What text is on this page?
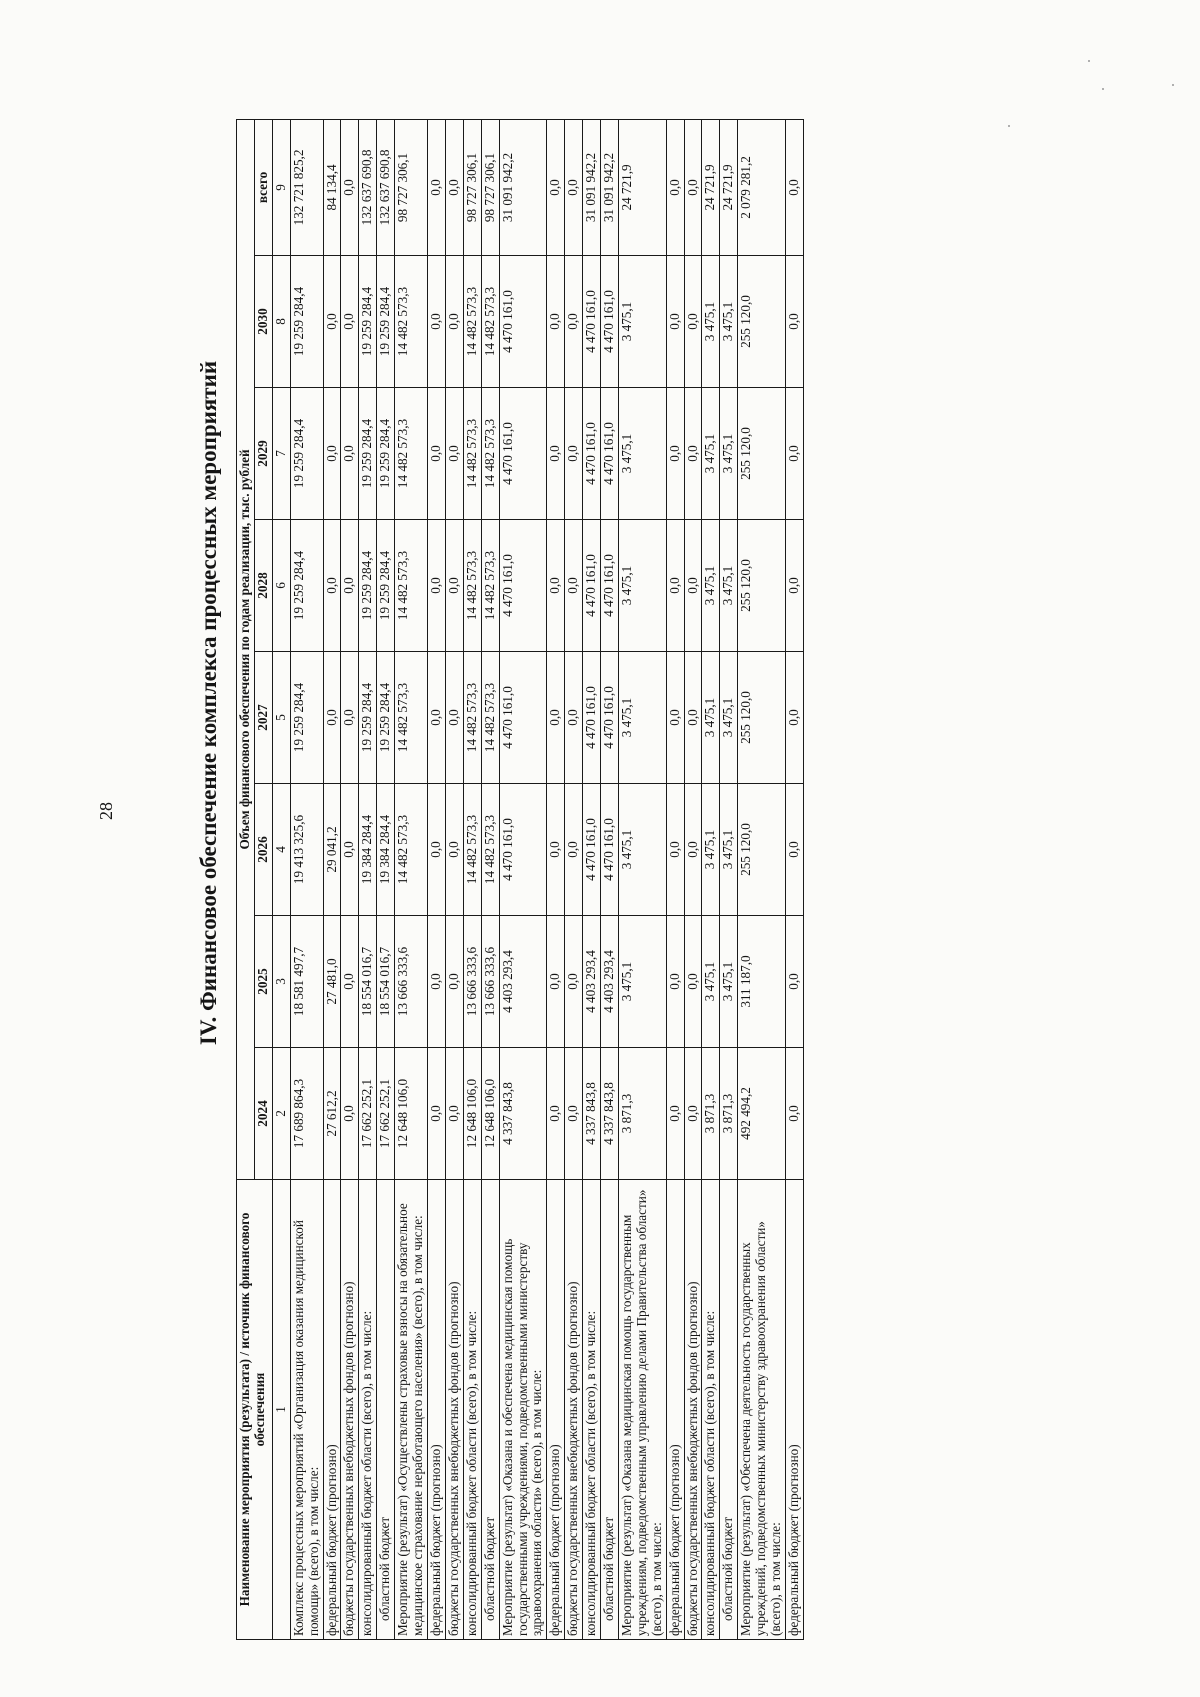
28	IV. Финансовое обеспечение комплекса процессных мероприятий
Наименование мероприятия (результата) / источник финансового обеспечения	Объем финансового обеспечения по годам реализации, тыс. рублей							
	2024	2025	2026	2027	2028	2029	2030	всего
1	2	3	4	5	6	7	8	9
Комплекс процессных мероприятий «Организация оказания медицинской помощи» (всего), в том числе:	17 689 864,3	18 581 497,7	19 413 325,6	19 259 284,4	19 259 284,4	19 259 284,4	19 259 284,4	132 721 825,2
федеральный бюджет (прогнозно)	27 612,2	27 481,0	29 041,2	0,0	0,0	0,0	0,0	84 134,4
бюджеты государственных внебюджетных фондов (прогнозно)	0,0	0,0	0,0	0,0	0,0	0,0	0,0	0,0
консолидированный бюджет области (всего), в том числе:	17 662 252,1	18 554 016,7	19 384 284,4	19 259 284,4	19 259 284,4	19 259 284,4	19 259 284,4	132 637 690,8
областной бюджет	17 662 252,1	18 554 016,7	19 384 284,4	19 259 284,4	19 259 284,4	19 259 284,4	19 259 284,4	132 637 690,8
Мероприятие (результат) «Осуществлены страховые взносы на обязательное медицинское страхование неработающего населения» (всего), в том числе:	12 648 106,0	13 666 333,6	14 482 573,3	14 482 573,3	14 482 573,3	14 482 573,3	14 482 573,3	98 727 306,1
федеральный бюджет (прогнозно)	0,0	0,0	0,0	0,0	0,0	0,0	0,0	0,0
бюджеты государственных внебюджетных фондов (прогнозно)	0,0	0,0	0,0	0,0	0,0	0,0	0,0	0,0
консолидированный бюджет области (всего), в том числе:	12 648 106,0	13 666 333,6	14 482 573,3	14 482 573,3	14 482 573,3	14 482 573,3	14 482 573,3	98 727 306,1
областной бюджет	12 648 106,0	13 666 333,6	14 482 573,3	14 482 573,3	14 482 573,3	14 482 573,3	14 482 573,3	98 727 306,1
Мероприятие (результат) «Оказана и обеспечена медицинская помощь государственными учреждениями, подведомственными министерству здравоохранения области» (всего), в том числе:	4 337 843,8	4 403 293,4	4 470 161,0	4 470 161,0	4 470 161,0	4 470 161,0	4 470 161,0	31 091 942,2
федеральный бюджет (прогнозно)	0,0	0,0	0,0	0,0	0,0	0,0	0,0	0,0
бюджеты государственных внебюджетных фондов (прогнозно)	0,0	0,0	0,0	0,0	0,0	0,0	0,0	0,0
консолидированный бюджет области (всего), в том числе:	4 337 843,8	4 403 293,4	4 470 161,0	4 470 161,0	4 470 161,0	4 470 161,0	4 470 161,0	31 091 942,2
областной бюджет	4 337 843,8	4 403 293,4	4 470 161,0	4 470 161,0	4 470 161,0	4 470 161,0	4 470 161,0	31 091 942,2
Мероприятие (результат) «Оказана медицинская помощь государственным учреждениям, подведомственным управлению делами Правительства области» (всего), в том числе:	3 871,3	3 475,1	3 475,1	3 475,1	3 475,1	3 475,1	3 475,1	24 721,9
федеральный бюджет (прогнозно)	0,0	0,0	0,0	0,0	0,0	0,0	0,0	0,0
бюджеты государственных внебюджетных фондов (прогнозно)	0,0	0,0	0,0	0,0	0,0	0,0	0,0	0,0
консолидированный бюджет области (всего), в том числе:	3 871,3	3 475,1	3 475,1	3 475,1	3 475,1	3 475,1	3 475,1	24 721,9
областной бюджет	3 871,3	3 475,1	3 475,1	3 475,1	3 475,1	3 475,1	3 475,1	24 721,9
Мероприятие (результат) «Обеспечена деятельность государственных учреждений, подведомственных министерству здравоохранения области» (всего), в том числе:	492 494,2	311 187,0	255 120,0	255 120,0	255 120,0	255 120,0	255 120,0	2 079 281,2
федеральный бюджет (прогнозно)	0,0	0,0	0,0	0,0	0,0	0,0	0,0	0,0
